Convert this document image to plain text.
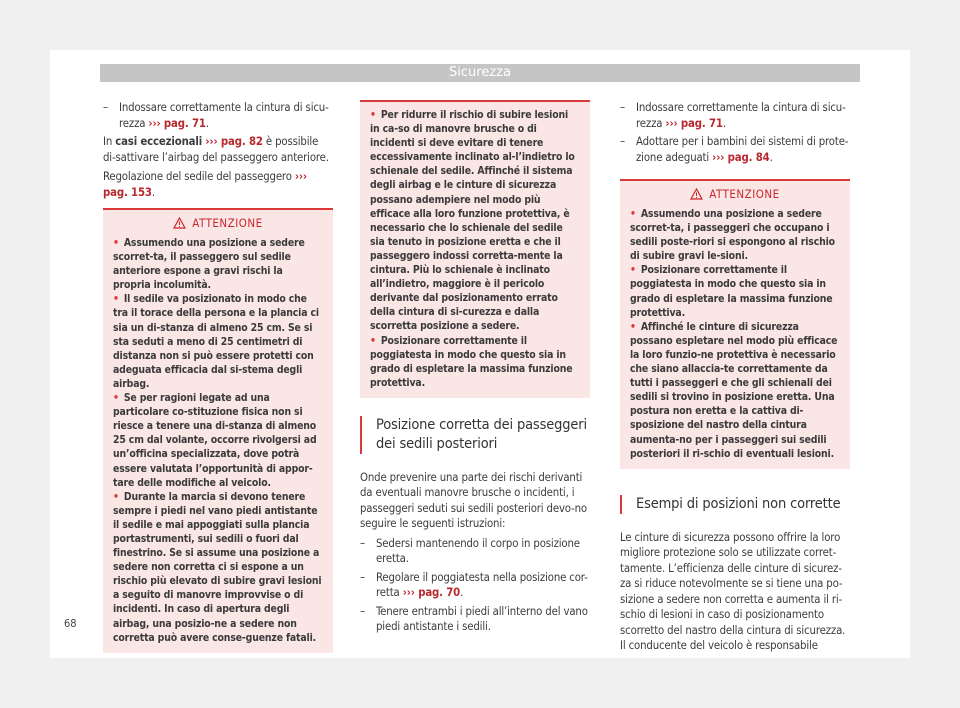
Sicurezza
– Indossare correttamente la cintura di sicu-rezza ››› pag. 71.

In casi eccezionali ››› pag. 82 è possibile di-sattivare l’airbag del passeggero anteriore.

Regolazione del sedile del passeggero ››› pag. 153.

ATTENZIONE
• Assumendo una posizione a sedere scorret-ta, il passeggero sul sedile anteriore espone a gravi rischi la propria incolumità.
• Il sedile va posizionato in modo che tra il torace della persona e la plancia ci sia un di-stanza di almeno 25 cm. Se si sta seduti a meno di 25 centimetri di distanza non si può essere protetti con adeguata efficacia dal si-stema degli airbag.
• Se per ragioni legate ad una particolare co-stituzione fisica non si riesce a tenere una di-stanza di almeno 25 cm dal volante, occorre rivolgersi ad un’officina specializzata, dove potrà essere valutata l’opportunità di appor-tare delle modifiche al veicolo.
• Durante la marcia si devono tenere sempre i piedi nel vano piedi antistante il sedile e mai appoggiati sulla plancia portastrumenti, sui sedili o fuori dal finestrino. Se si assume una posizione a sedere non corretta ci si espone a un rischio più elevato di subire gravi lesioni a seguito di manovre improvvise o di incidenti. In caso di apertura degli airbag, una posizio-ne a sedere non corretta può avere conse-guenze fatali.
• Per ridurre il rischio di subire lesioni in ca-so di manovre brusche o di incidenti si deve evitare di tenere eccessivamente inclinato al-l’indietro lo schienale del sedile. Affinché il sistema degli airbag e le cinture di sicurezza possano adempiere nel modo più efficace alla loro funzione protettiva, è necessario che lo schienale del sedile sia tenuto in posizione eretta e che il passeggero indossi corretta-mente la cintura. Più lo schienale è inclinato all’indietro, maggiore è il pericolo derivante dal posizionamento errato della cintura di si-curezza e dalla scorretta posizione a sedere.
• Posizionare correttamente il poggiatesta in modo che questo sia in grado di espletare la massima funzione protettiva.
Posizione corretta dei passeggeri dei sedili posteriori

Onde prevenire una parte dei rischi derivanti da eventuali manovre brusche o incidenti, i passeggeri seduti sui sedili posteriori devo-no seguire le seguenti istruzioni:

– Sedersi mantenendo il corpo in posizione eretta.
– Regolare il poggiatesta nella posizione cor-retta ››› pag. 70.
– Tenere entrambi i piedi all’interno del vano piedi antistante i sedili.
– Indossare correttamente la cintura di sicu-rezza ››› pag. 71.
– Adottare per i bambini dei sistemi di prote-zione adeguati ››› pag. 84.
ATTENZIONE
• Assumendo una posizione a sedere scorret-ta, i passeggeri che occupano i sedili poste-riori si espongono al rischio di subire gravi le-sioni.
• Posizionare correttamente il poggiatesta in modo che questo sia in grado di espletare la massima funzione protettiva.
• Affinché le cinture di sicurezza possano espletare nel modo più efficace la loro funzio-ne protettiva è necessario che siano allaccia-te correttamente da tutti i passeggeri e che gli schienali dei sedili si trovino in posizione eretta. Una postura non eretta e la cattiva di-sposizione del nastro della cintura aumenta-no per i passeggeri sui sedili posteriori il ri-schio di eventuali lesioni.
Esempi di posizioni non corrette

Le cinture di sicurezza possono offrire la loro migliore protezione solo se utilizzate corret-tamente. L’efficienza delle cinture di sicurez-za si riduce notevolmente se si tiene una po-sizione a sedere non corretta e aumenta il ri-schio di lesioni in caso di posizionamento scorretto del nastro della cintura di sicurezza. Il conducente del veicolo è responsabile

68
